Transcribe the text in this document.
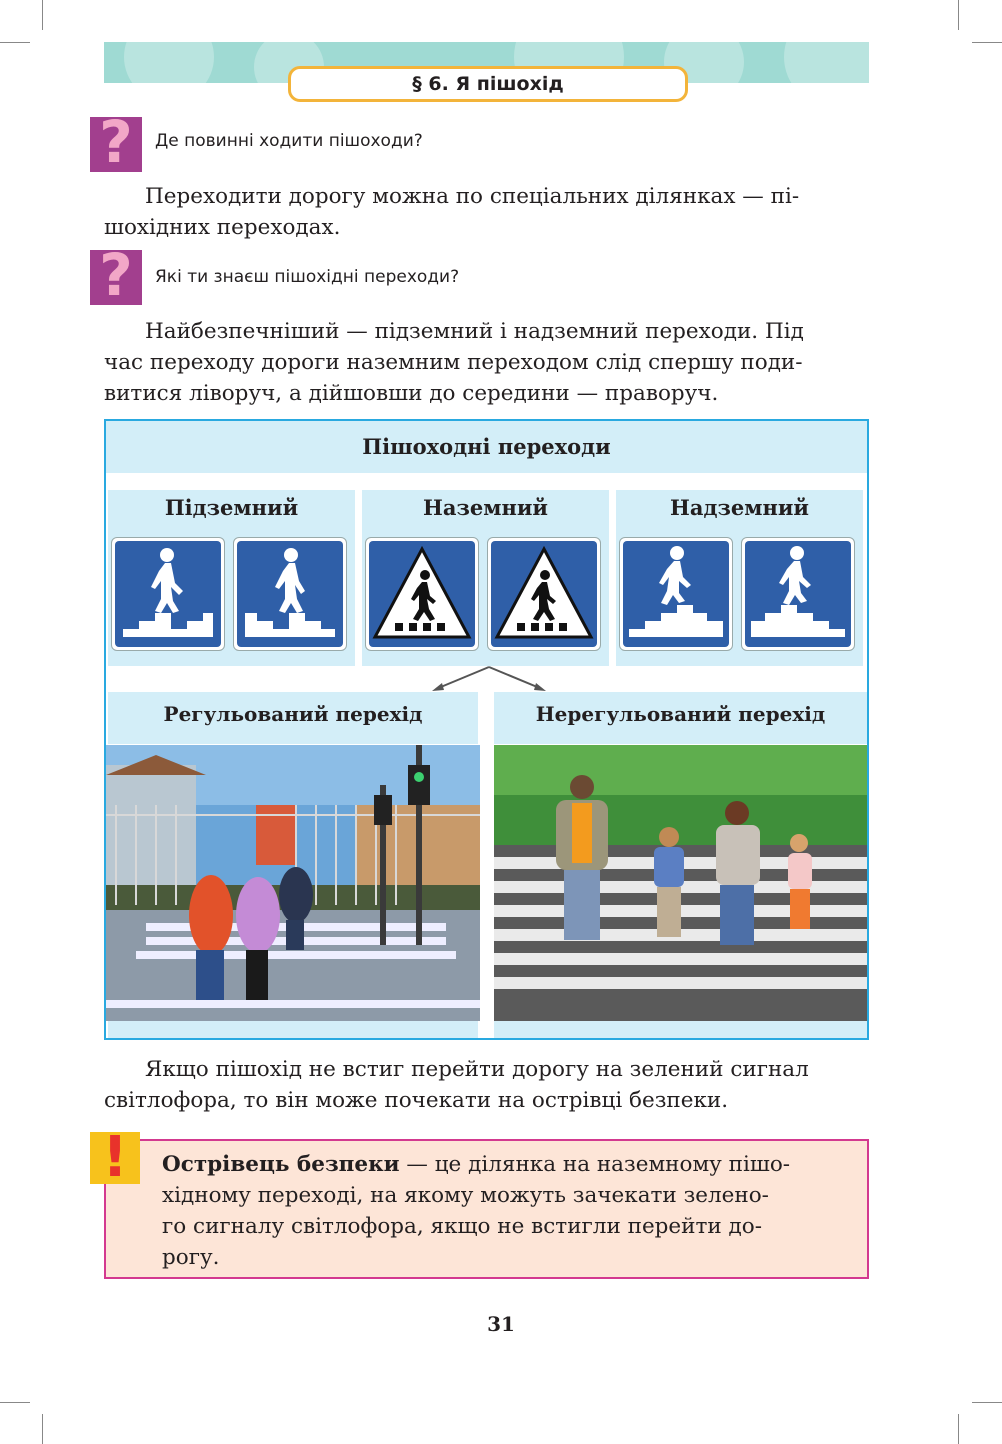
§ 6. Я пішохід
?	Де повинні ходити пішоходи?
Переходити дорогу можна по спеціальних ділянках — пі-
шохідних переходах.
?	Які ти знаєш пішохідні переходи?
Найбезпечніший — підземний і надземний переходи. Під
час переходу дороги наземним переходом слід спершу поди-
витися ліворуч, а дійшовши до середини — праворуч.
Пішоходні переходи
Підземний	Наземний	Надземний
Регульований перехід	Нерегульований перехід
Якщо пішохід не встиг перейти дорогу на зелений сигнал
світлофора, то він може почекати на острівці безпеки.
Острівець безпеки — це ділянка на наземному пішо-
хідному переході, на якому можуть зачекати зелено-
го сигналу світлофора, якщо не встигли перейти до-
рогу.
!
31
